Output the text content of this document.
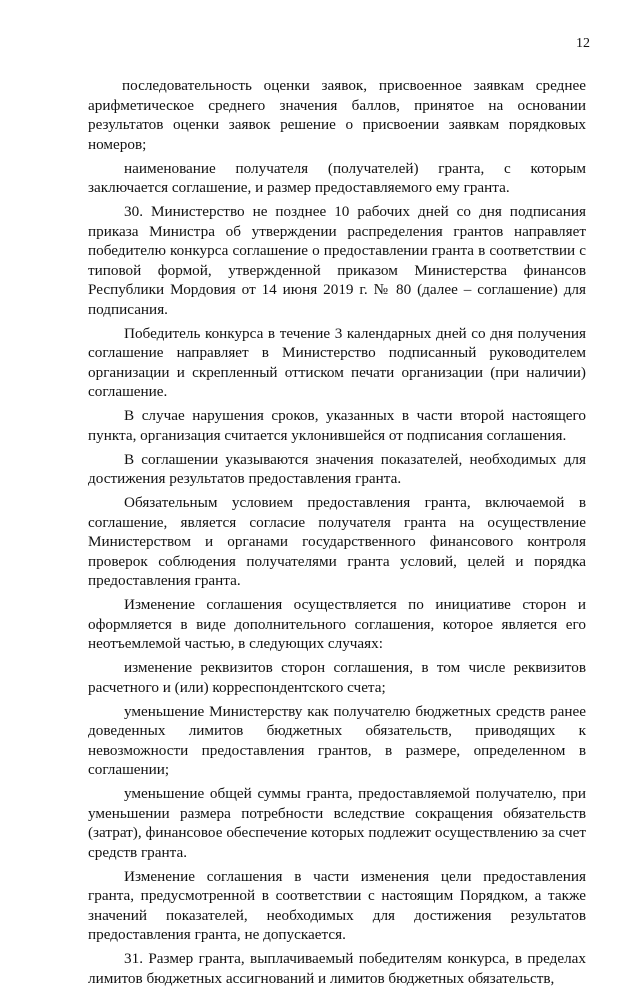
12

последовательность оценки заявок, присвоенное заявкам среднее арифметическое среднего значения баллов, принятое на основании результатов оценки заявок решение о присвоении заявкам порядковых номеров;

наименование получателя (получателей) гранта, с которым заключается соглашение, и размер предоставляемого ему гранта.

30. Министерство не позднее 10 рабочих дней со дня подписания приказа Министра об утверждении распределения грантов направляет победителю конкурса соглашение о предоставлении гранта в соответствии с типовой формой, утвержденной приказом Министерства финансов Республики Мордовия от 14 июня 2019 г. № 80 (далее – соглашение) для подписания.

Победитель конкурса в течение 3 календарных дней со дня получения соглашение направляет в Министерство подписанный руководителем организации и скрепленный оттиском печати организации (при наличии) соглашение.

В случае нарушения сроков, указанных в части второй настоящего пункта, организация считается уклонившейся от подписания соглашения.

В соглашении указываются значения показателей, необходимых для достижения результатов предоставления гранта.

Обязательным условием предоставления гранта, включаемой в соглашение, является согласие получателя гранта на осуществление Министерством и органами государственного финансового контроля проверок соблюдения получателями гранта условий, целей и порядка предоставления гранта.

Изменение соглашения осуществляется по инициативе сторон и оформляется в виде дополнительного соглашения, которое является его неотъемлемой частью, в следующих случаях:

изменение реквизитов сторон соглашения, в том числе реквизитов расчетного и (или) корреспондентского счета;

уменьшение Министерству как получателю бюджетных средств ранее доведенных лимитов бюджетных обязательств, приводящих к невозможности предоставления грантов, в размере, определенном в соглашении;

уменьшение общей суммы гранта, предоставляемой получателю, при уменьшении размера потребности вследствие сокращения обязательств (затрат), финансовое обеспечение которых подлежит осуществлению за счет средств гранта.

Изменение соглашения в части изменения цели предоставления гранта, предусмотренной в соответствии с настоящим Порядком, а также значений показателей, необходимых для достижения результатов предоставления гранта, не допускается.

31. Размер гранта, выплачиваемый победителям конкурса, в пределах лимитов бюджетных ассигнований и лимитов бюджетных обязательств,
